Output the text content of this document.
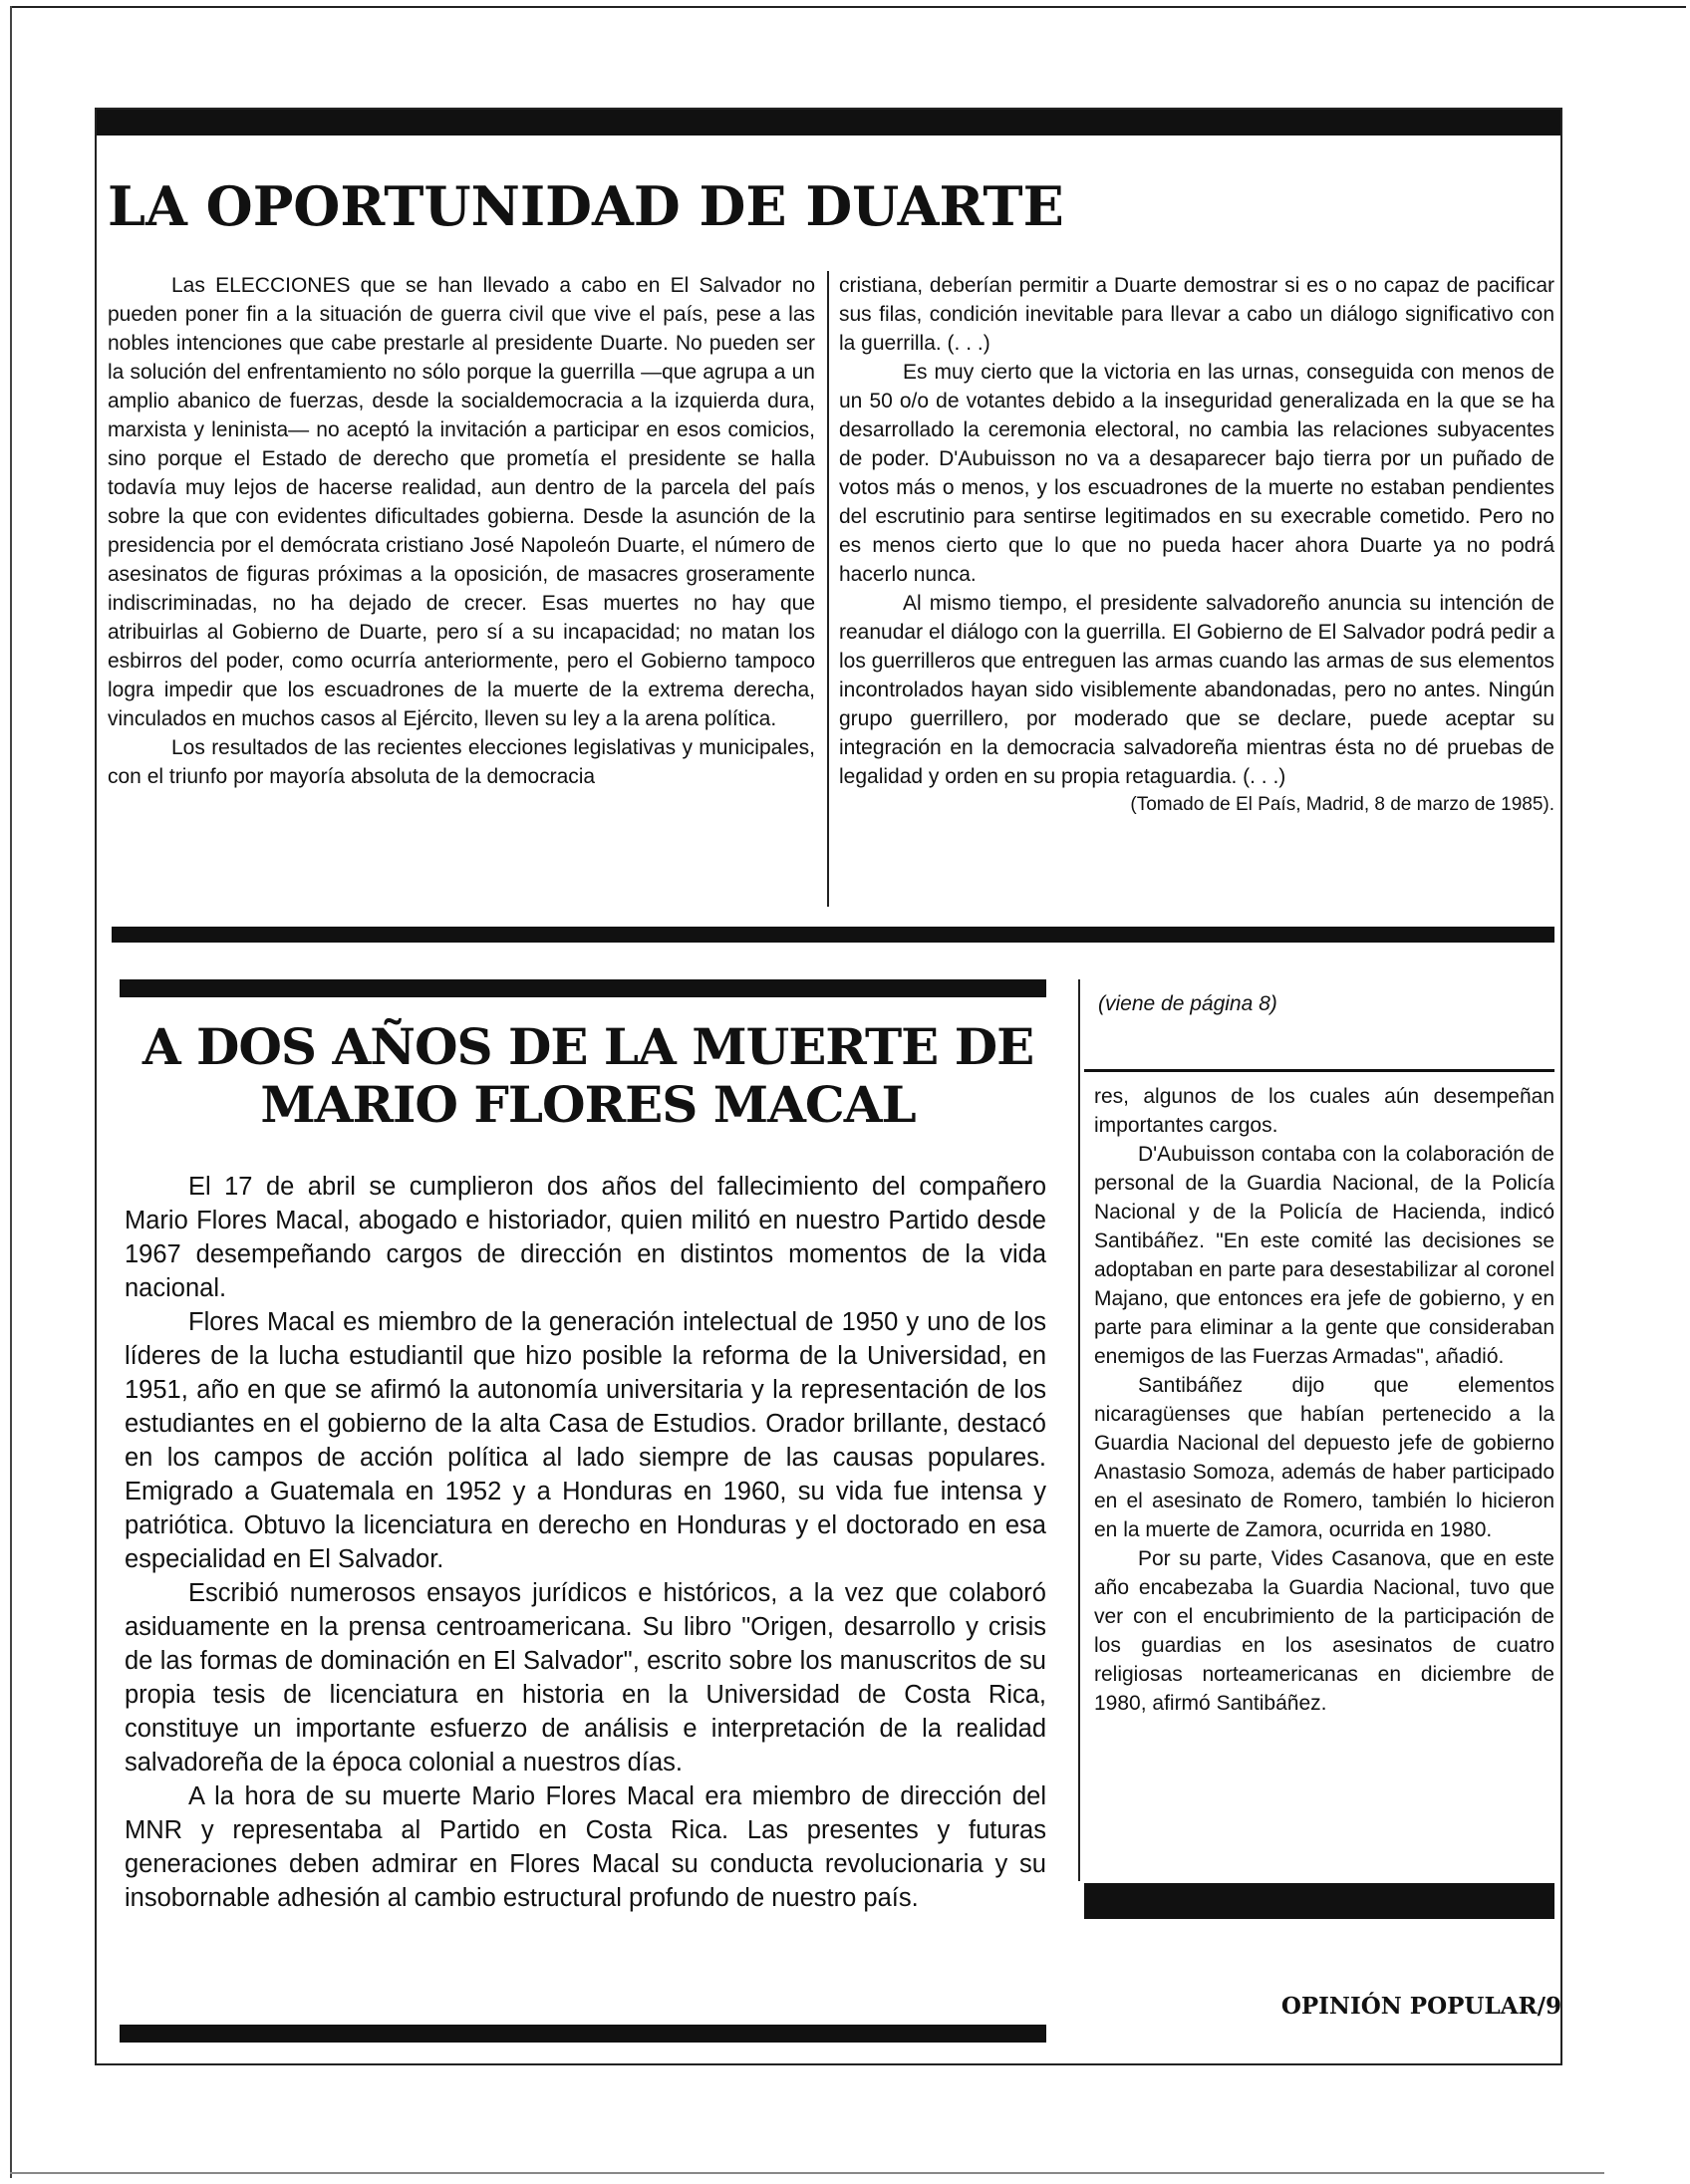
LA OPORTUNIDAD DE DUARTE

Las ELECCIONES que se han llevado a cabo en El Salvador no pueden poner fin a la situación de guerra civil que vive el país, pese a las nobles intenciones que cabe prestarle al presidente Duarte. No pueden ser la solución del enfrentamiento no sólo porque la guerrilla —que agrupa a un amplio abanico de fuerzas, desde la socialdemocracia a la izquierda dura, marxista y leninista— no aceptó la invitación a participar en esos comicios, sino porque el Estado de derecho que prometía el presidente se halla todavía muy lejos de hacerse realidad, aun dentro de la parcela del país sobre la que con evidentes dificultades gobierna. Desde la asunción de la presidencia por el demócrata cristiano José Napoleón Duarte, el número de asesinatos de figuras próximas a la oposición, de masacres groseramente indiscriminadas, no ha dejado de crecer. Esas muertes no hay que atribuirlas al Gobierno de Duarte, pero sí a su incapacidad; no matan los esbirros del poder, como ocurría anteriormente, pero el Gobierno tampoco logra impedir que los escuadrones de la muerte de la extrema derecha, vinculados en muchos casos al Ejército, lleven su ley a la arena política.

Los resultados de las recientes elecciones legislativas y municipales, con el triunfo por mayoría absoluta de la democracia

cristiana, deberían permitir a Duarte demostrar si es o no capaz de pacificar sus filas, condición inevitable para llevar a cabo un diálogo significativo con la guerrilla. (. . .)

Es muy cierto que la victoria en las urnas, conseguida con menos de un 50 o/o de votantes debido a la inseguridad generalizada en la que se ha desarrollado la ceremonia electoral, no cambia las relaciones subyacentes de poder. D'Aubuisson no va a desaparecer bajo tierra por un puñado de votos más o menos, y los escuadrones de la muerte no estaban pendientes del escrutinio para sentirse legitimados en su execrable cometido. Pero no es menos cierto que lo que no pueda hacer ahora Duarte ya no podrá hacerlo nunca.

Al mismo tiempo, el presidente salvadoreño anuncia su intención de reanudar el diálogo con la guerrilla. El Gobierno de El Salvador podrá pedir a los guerrilleros que entreguen las armas cuando las armas de sus elementos incontrolados hayan sido visiblemente abandonadas, pero no antes. Ningún grupo guerrillero, por moderado que se declare, puede aceptar su integración en la democracia salvadoreña mientras ésta no dé pruebas de legalidad y orden en su propia retaguardia. (. . .)

(Tomado de El País, Madrid, 8 de marzo de 1985).
A DOS AÑOS DE LA MUERTE DE
MARIO FLORES MACAL

El 17 de abril se cumplieron dos años del fallecimiento del compañero Mario Flores Macal, abogado e historiador, quien militó en nuestro Partido desde 1967 desempeñando cargos de dirección en distintos momentos de la vida nacional.

Flores Macal es miembro de la generación intelectual de 1950 y uno de los líderes de la lucha estudiantil que hizo posible la reforma de la Universidad, en 1951, año en que se afirmó la autonomía universitaria y la representación de los estudiantes en el gobierno de la alta Casa de Estudios. Orador brillante, destacó en los campos de acción política al lado siempre de las causas populares. Emigrado a Guatemala en 1952 y a Honduras en 1960, su vida fue intensa y patriótica. Obtuvo la licenciatura en derecho en Honduras y el doctorado en esa especialidad en El Salvador.

Escribió numerosos ensayos jurídicos e históricos, a la vez que colaboró asiduamente en la prensa centroamericana. Su libro "Origen, desarrollo y crisis de las formas de dominación en El Salvador", escrito sobre los manuscritos de su propia tesis de licenciatura en historia en la Universidad de Costa Rica, constituye un importante esfuerzo de análisis e interpretación de la realidad salvadoreña de la época colonial a nuestros días.

A la hora de su muerte Mario Flores Macal era miembro de dirección del MNR y representaba al Partido en Costa Rica. Las presentes y futuras generaciones deben admirar en Flores Macal su conducta revolucionaria y su insobornable adhesión al cambio estructural profundo de nuestro país.

(viene de página 8)

res, algunos de los cuales aún desempeñan importantes cargos.

D'Aubuisson contaba con la colaboración de personal de la Guardia Nacional, de la Policía Nacional y de la Policía de Hacienda, indicó Santibáñez. "En este comité las decisiones se adoptaban en parte para desestabilizar al coronel Majano, que entonces era jefe de gobierno, y en parte para eliminar a la gente que consideraban enemigos de las Fuerzas Armadas", añadió.

Santibáñez dijo que elementos nicaragüenses que habían pertenecido a la Guardia Nacional del depuesto jefe de gobierno Anastasio Somoza, además de haber participado en el asesinato de Romero, también lo hicieron en la muerte de Zamora, ocurrida en 1980.

Por su parte, Vides Casanova, que en este año encabezaba la Guardia Nacional, tuvo que ver con el encubrimiento de la participación de los guardias en los asesinatos de cuatro religiosas norteamericanas en diciembre de 1980, afirmó Santibáñez.

OPINIÓN POPULAR/9
